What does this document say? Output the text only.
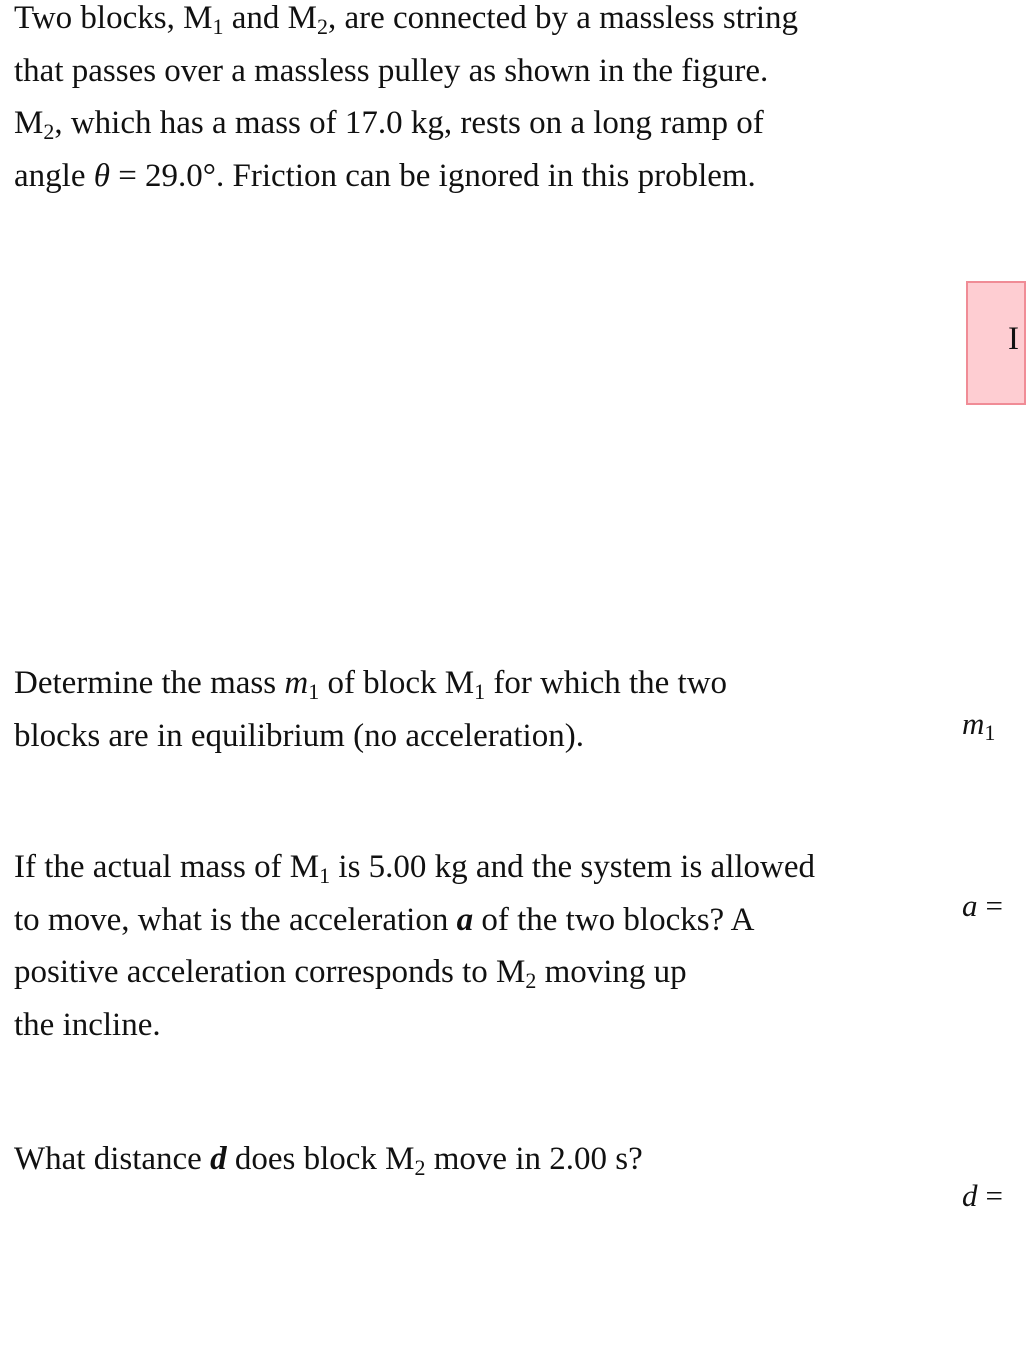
Two blocks, $M_1$ and $M_2$, are connected by a massless string
that passes over a massless pulley as shown in the figure.
$M_2$, which has a mass of 17.0 kg, rests on a long ramp of
angle θ = 29.0°. Friction can be ignored in this problem.
I
Determine the mass $m_1$ of block $M_1$ for which the two
blocks are in equilibrium (no acceleration).	$m_1$
If the actual mass of $M_1$ is 5.00 kg and the system is allowed
to move, what is the acceleration a of the two blocks? A
positive acceleration corresponds to $M_2$ moving up
the incline.
a =
What distance d does block $M_2$ move in 2.00 s?
d =
